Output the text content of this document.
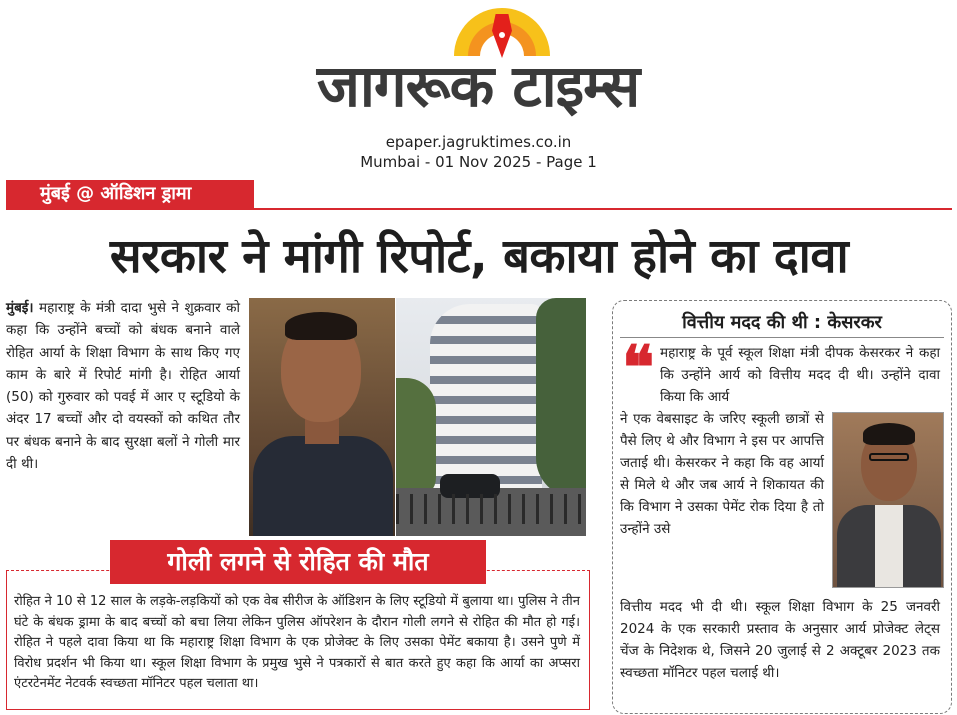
जागरूक टाइम्स
epaper.jagruktimes.co.in
Mumbai - 01 Nov 2025 - Page 1
मुंबई @ ऑडिशन ड्रामा
सरकार ने मांगी रिपोर्ट, बकाया होने का दावा
मुंबई। महाराष्ट्र के मंत्री दादा भुसे ने शुक्रवार को कहा कि उन्होंने बच्चों को बंधक बनाने वाले रोहित आर्या के शिक्षा विभाग के साथ किए गए काम के बारे में रिपोर्ट मांगी है। रोहित आर्या (50) को गुरुवार को पवई में आर ए स्टूडियो के अंदर 17 बच्चों और दो वयस्कों को कथित तौर पर बंधक बनाने के बाद सुरक्षा बलों ने गोली मार दी थी।
गोली लगने से रोहित की मौत
रोहित ने 10 से 12 साल के लड़के-लड़कियों को एक वेब सीरीज के ऑडिशन के लिए स्टूडियो में बुलाया था। पुलिस ने तीन घंटे के बंधक ड्रामा के बाद बच्चों को बचा लिया लेकिन पुलिस ऑपरेशन के दौरान गोली लगने से रोहित की मौत हो गई। रोहित ने पहले दावा किया था कि महाराष्ट्र शिक्षा विभाग के एक प्रोजेक्ट के लिए उसका पेमेंट बकाया है। उसने पुणे में विरोध प्रदर्शन भी किया था। स्कूल शिक्षा विभाग के प्रमुख भुसे ने पत्रकारों से बात करते हुए कहा कि आर्या का अप्सरा एंटरटेनमेंट नेटवर्क स्वच्छता मॉनिटर पहल चलाता था।
वित्तीय मदद की थी : केसरकर
❝ महाराष्ट्र के पूर्व स्कूल शिक्षा मंत्री दीपक केसरकर ने कहा कि उन्होंने आर्य को वित्तीय मदद दी थी। उन्होंने दावा किया कि आर्य
ने एक वेबसाइट के जरिए स्कूली छात्रों से पैसे लिए थे और विभाग ने इस पर आपत्ति जताई थी। केसरकर ने कहा कि वह आर्या से मिले थे और जब आर्य ने शिकायत की कि विभाग ने उसका पेमेंट रोक दिया है तो उन्होंने उसे
वित्तीय मदद भी दी थी। स्कूल शिक्षा विभाग के 25 जनवरी 2024 के एक सरकारी प्रस्ताव के अनुसार आर्य प्रोजेक्ट लेट्स चेंज के निदेशक थे, जिसने 20 जुलाई से 2 अक्टूबर 2023 तक स्वच्छता मॉनिटर पहल चलाई थी।
